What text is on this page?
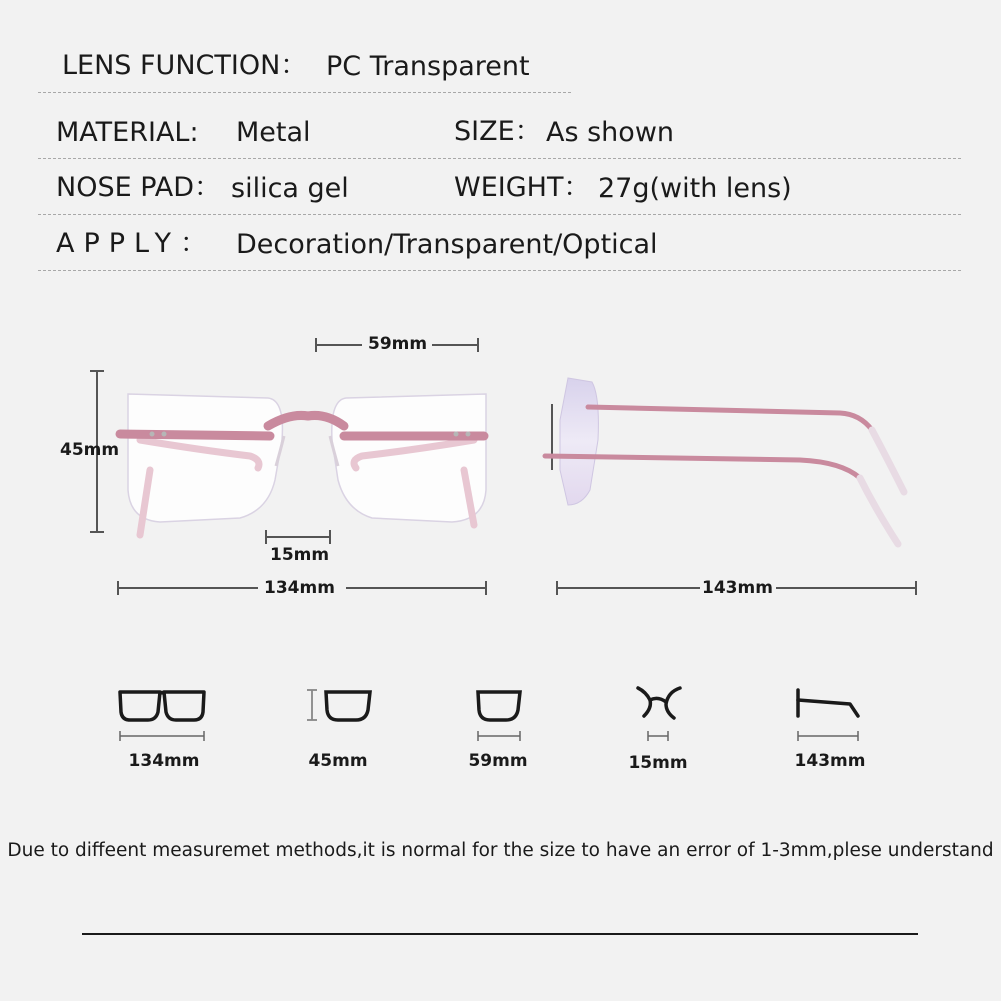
LENS FUNCTION： PC Transparent
MATERIAL: Metal	SIZE： As shown
NOSE PAD： silica gel	WEIGHT： 27g(with lens)
APPLY： Decoration/Transparent/Optical
59mm
45mm
15mm
134mm	143mm
134mm	45mm	59mm	15mm	143mm
Due to diffeent measuremet methods,it is normal for the size to have an error of 1-3mm,plese understand
